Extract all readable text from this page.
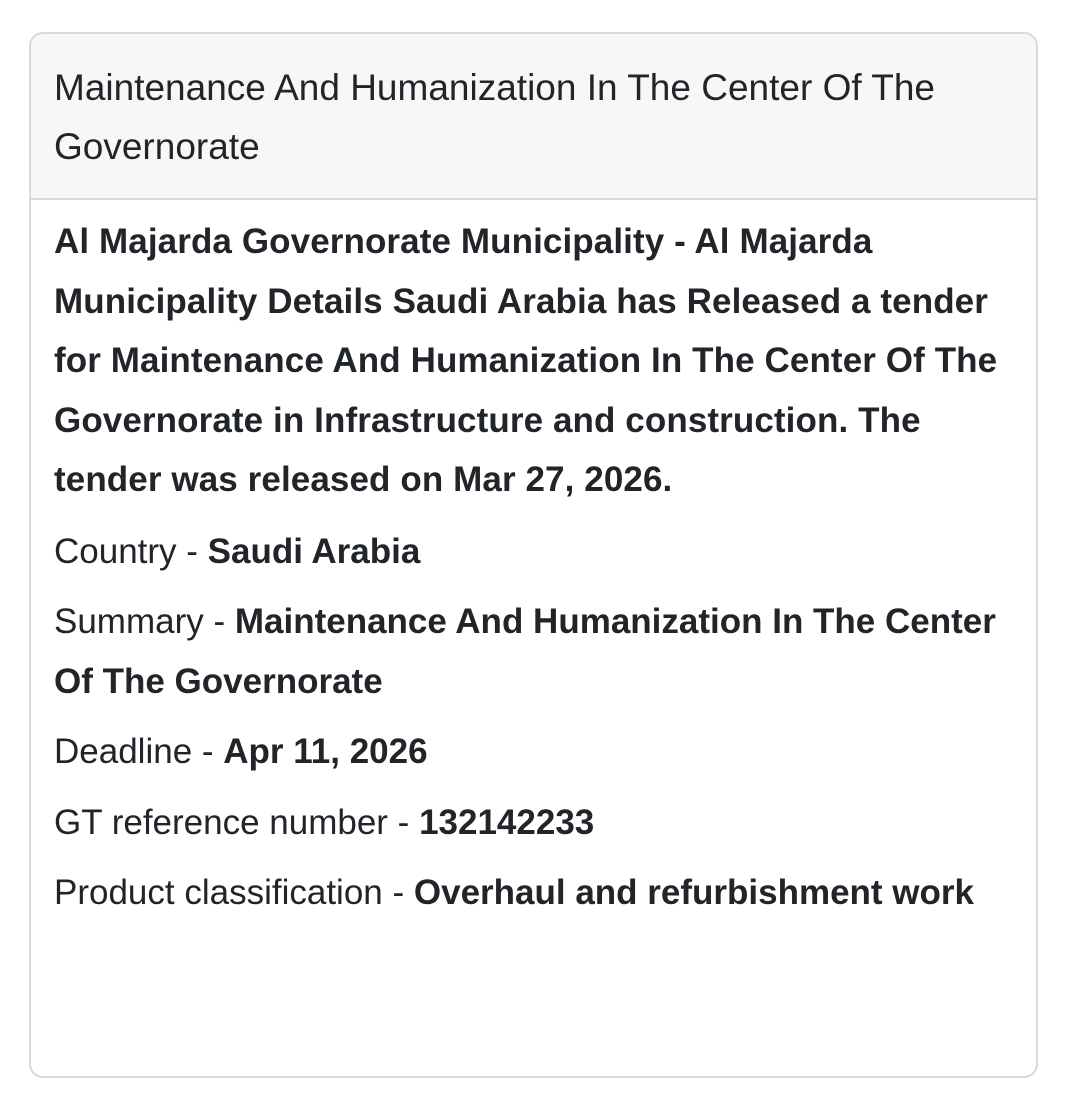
Maintenance And Humanization In The Center Of The Governorate

Al Majarda Governorate Municipality - Al Majarda Municipality Details Saudi Arabia has Released a tender for Maintenance And Humanization In The Center Of The Governorate in Infrastructure and construction. The tender was released on Mar 27, 2026.

Country - Saudi Arabia
Summary - Maintenance And Humanization In The Center Of The Governorate
Deadline - Apr 11, 2026
GT reference number - 132142233
Product classification - Overhaul and refurbishment work
